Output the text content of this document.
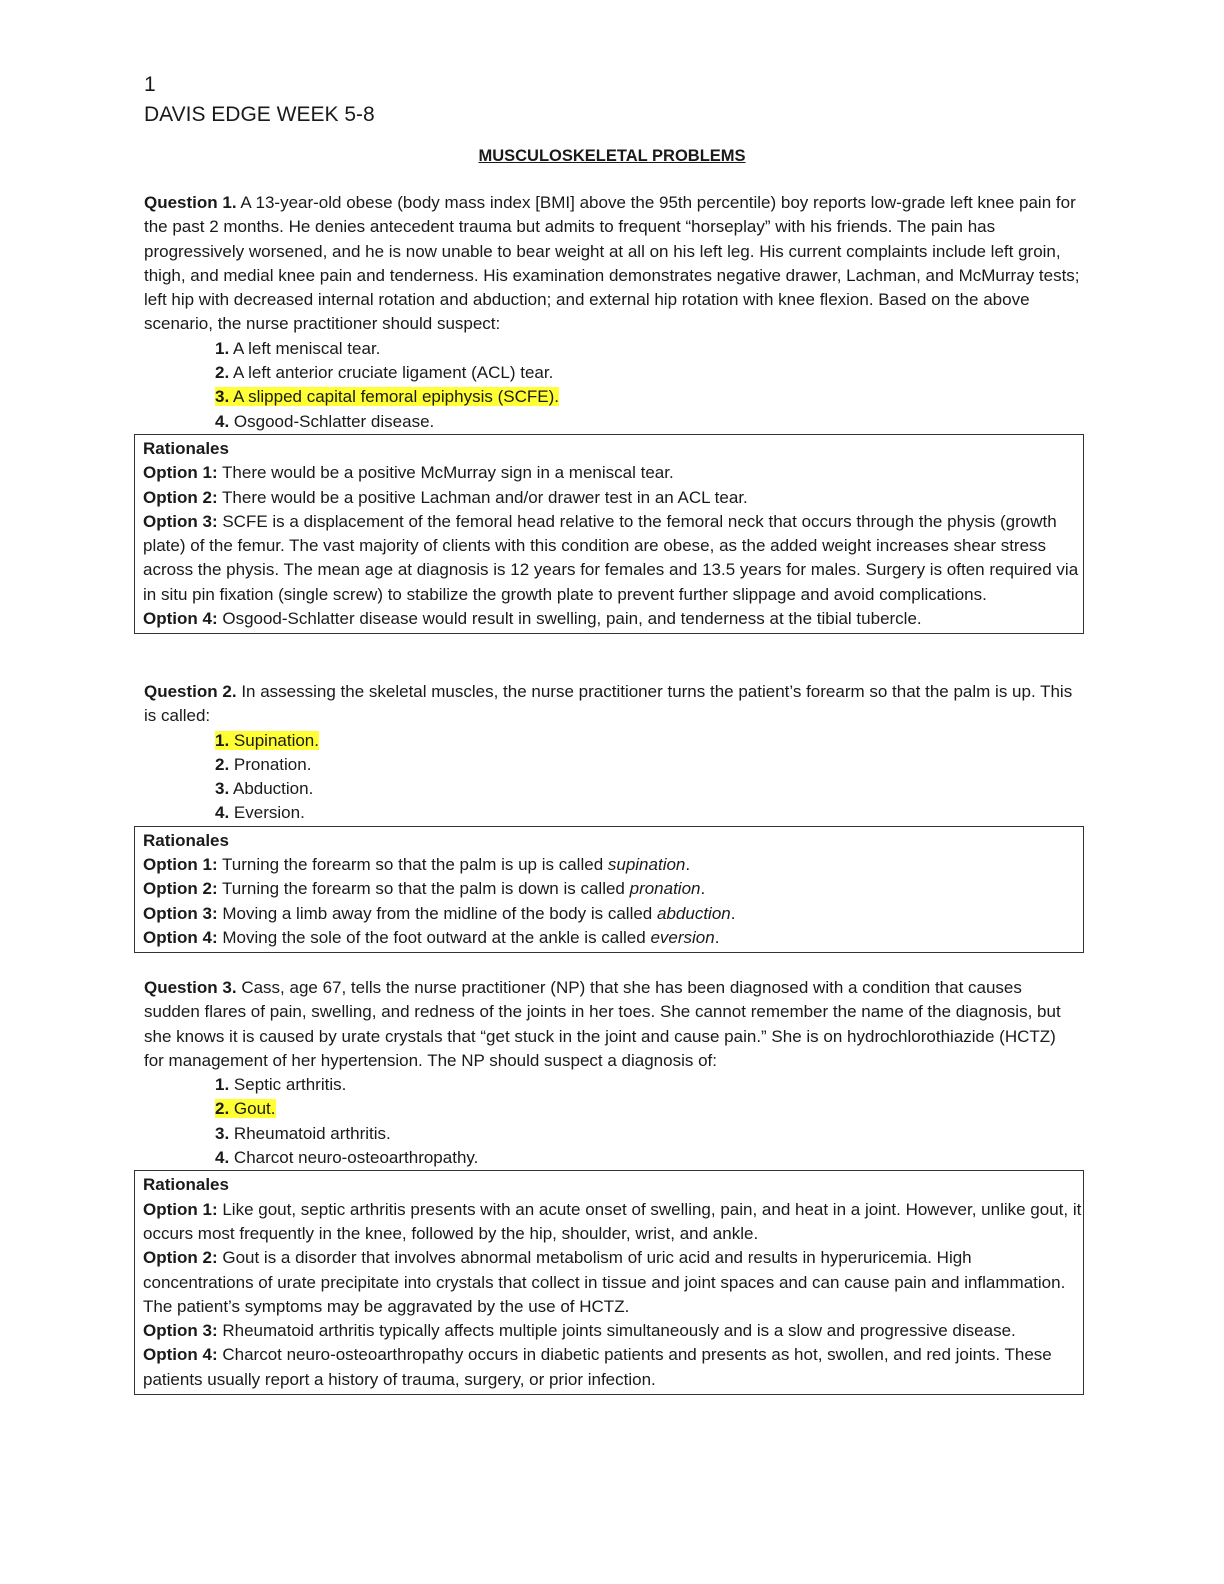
1
DAVIS EDGE WEEK 5-8
MUSCULOSKELETAL PROBLEMS
Question 1. A 13-year-old obese (body mass index [BMI] above the 95th percentile) boy reports low-grade left knee pain for the past 2 months. He denies antecedent trauma but admits to frequent “horseplay” with his friends. The pain has progressively worsened, and he is now unable to bear weight at all on his left leg. His current complaints include left groin, thigh, and medial knee pain and tenderness. His examination demonstrates negative drawer, Lachman, and McMurray tests; left hip with decreased internal rotation and abduction; and external hip rotation with knee flexion. Based on the above scenario, the nurse practitioner should suspect:
1. A left meniscal tear.
2. A left anterior cruciate ligament (ACL) tear.
3. A slipped capital femoral epiphysis (SCFE).
4. Osgood-Schlatter disease.

Rationales

Option 1: There would be a positive McMurray sign in a meniscal tear.

Option 2: There would be a positive Lachman and/or drawer test in an ACL tear.

Option 3: SCFE is a displacement of the femoral head relative to the femoral neck that occurs through the physis (growth plate) of the femur. The vast majority of clients with this condition are obese, as the added weight increases shear stress across the physis. The mean age at diagnosis is 12 years for females and 13.5 years for males. Surgery is often required via in situ pin fixation (single screw) to stabilize the growth plate to prevent further slippage and avoid complications.

Option 4: Osgood-Schlatter disease would result in swelling, pain, and tenderness at the tibial tubercle.

Question 2. In assessing the skeletal muscles, the nurse practitioner turns the patient’s forearm so that the palm is up. This is called:
1. Supination.
2. Pronation.
3. Abduction.
4. Eversion.

Rationales

Option 1: Turning the forearm so that the palm is up is called supination.

Option 2: Turning the forearm so that the palm is down is called pronation.

Option 3: Moving a limb away from the midline of the body is called abduction.

Option 4: Moving the sole of the foot outward at the ankle is called eversion.

Question 3. Cass, age 67, tells the nurse practitioner (NP) that she has been diagnosed with a condition that causes sudden flares of pain, swelling, and redness of the joints in her toes. She cannot remember the name of the diagnosis, but she knows it is caused by urate crystals that “get stuck in the joint and cause pain.” She is on hydrochlorothiazide (HCTZ) for management of her hypertension. The NP should suspect a diagnosis of:
1. Septic arthritis.
2. Gout.
3. Rheumatoid arthritis.
4. Charcot neuro-osteoarthropathy.

Rationales

Option 1: Like gout, septic arthritis presents with an acute onset of swelling, pain, and heat in a joint. However, unlike gout, it occurs most frequently in the knee, followed by the hip, shoulder, wrist, and ankle.

Option 2: Gout is a disorder that involves abnormal metabolism of uric acid and results in hyperuricemia. High concentrations of urate precipitate into crystals that collect in tissue and joint spaces and can cause pain and inflammation. The patient’s symptoms may be aggravated by the use of HCTZ.

Option 3: Rheumatoid arthritis typically affects multiple joints simultaneously and is a slow and progressive disease.

Option 4: Charcot neuro-osteoarthropathy occurs in diabetic patients and presents as hot, swollen, and red joints. These patients usually report a history of trauma, surgery, or prior infection.
